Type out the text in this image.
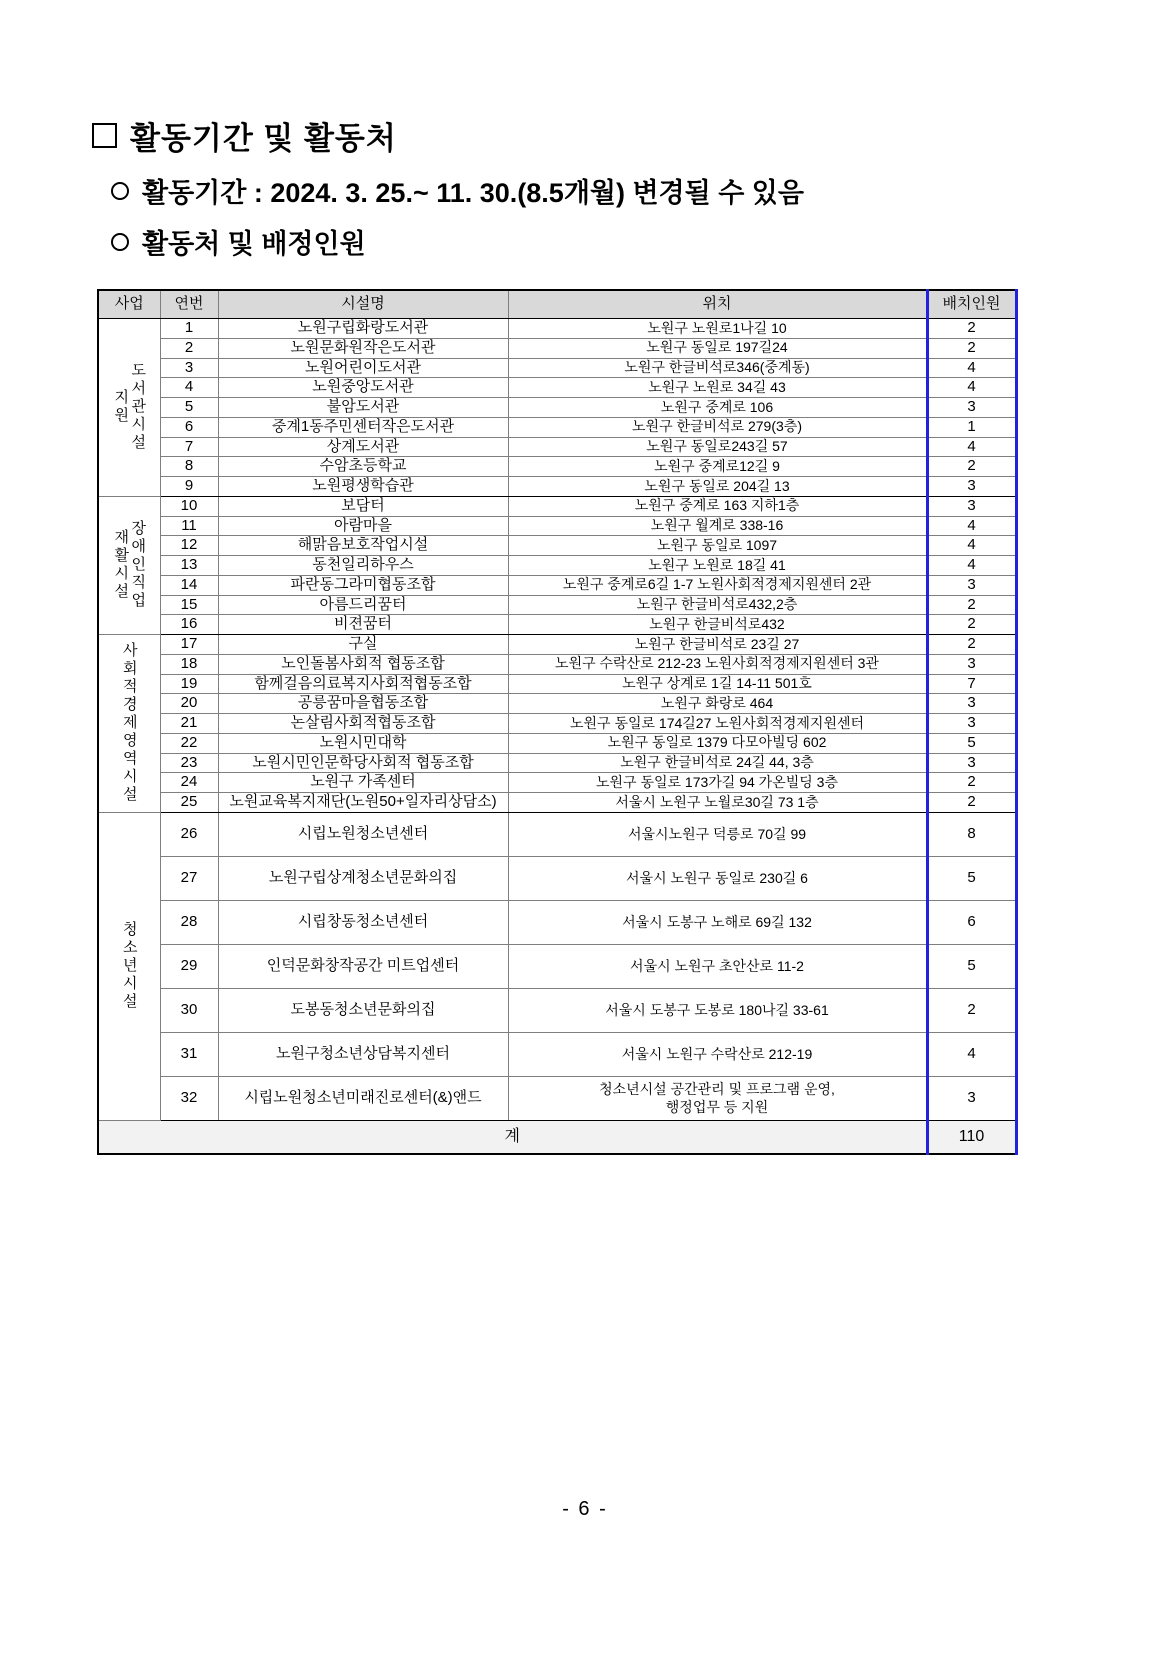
활동기간 및 활동처
활동기간 : 2024. 3. 25.~ 11. 30.(8.5개월) 변경될 수 있음
활동처 및 배정인원
사업	연번	시설명	위치	배치인원

도서관시설
지원	1	노원구립화랑도서관	노원구 노원로1나길 10	2
	2	노원문화원작은도서관	노원구 동일로 197길24	2
	3	노원어린이도서관	노원구 한글비석로346(중계동)	4
	4	노원중앙도서관	노원구 노원로 34길 43	4
	5	불암도서관	노원구 중계로 106	3
	6	중계1동주민센터작은도서관	노원구 한글비석로 279(3층)	1
	7	상계도서관	노원구 동일로243길 57	4
	8	수암초등학교	노원구 중계로12길 9	2
	9	노원평생학습관	노원구 동일로 204길 13	3

장애인직업
재활시설	10	보담터	노원구 중계로 163 지하1층	3
	11	아람마을	노원구 월계로 338-16	4
	12	해맑음보호작업시설	노원구 동일로 1097	4
	13	동천일리하우스	노원구 노원로 18길 41	4
	14	파란동그라미협동조합	노원구 중계로6길 1-7 노원사회적경제지원센터 2관	3
	15	아름드리꿈터	노원구 한글비석로432,2층	2
	16	비젼꿈터	노원구 한글비석로432	2

사회적경제영역시설	17	구실	노원구 한글비석로 23길 27	2
	18	노인돌봄사회적 협동조합	노원구 수락산로 212-23 노원사회적경제지원센터 3관	3
	19	함께걸음의료복지사회적협동조합	노원구 상계로 1길 14-11 501호	7
	20	공릉꿈마을협동조합	노원구 화랑로 464	3
	21	논살림사회적협동조합	노원구 동일로 174길27 노원사회적경제지원센터	3
	22	노원시민대학	노원구 동일로 1379 다모아빌딩 602	5
	23	노원시민인문학당사회적 협동조합	노원구 한글비석로 24길 44, 3층	3
	24	노원구 가족센터	노원구 동일로 173가길 94 가온빌딩 3층	2
	25	노원교육복지재단(노원50+일자리상담소)	서울시 노원구 노월로30길 73 1층	2

청소년시설	26	시립노원청소년센터	서울시노원구 덕릉로 70길 99	8
	27	노원구립상계청소년문화의집	서울시 노원구 동일로 230길 6	5
	28	시립창동청소년센터	서울시 도봉구 노해로 69길 132	6
	29	인덕문화창작공간 미트업센터	서울시 노원구 초안산로 11-2	5
	30	도봉동청소년문화의집	서울시 도봉구 도봉로 180나길 33-61	2
	31	노원구청소년상담복지센터	서울시 노원구 수락산로 212-19	4
	32	시립노원청소년미래진로센터(&)앤드	청소년시설 공간관리 및 프로그램 운영,
행정업무 등 지원	3
계				110
- 6 -
